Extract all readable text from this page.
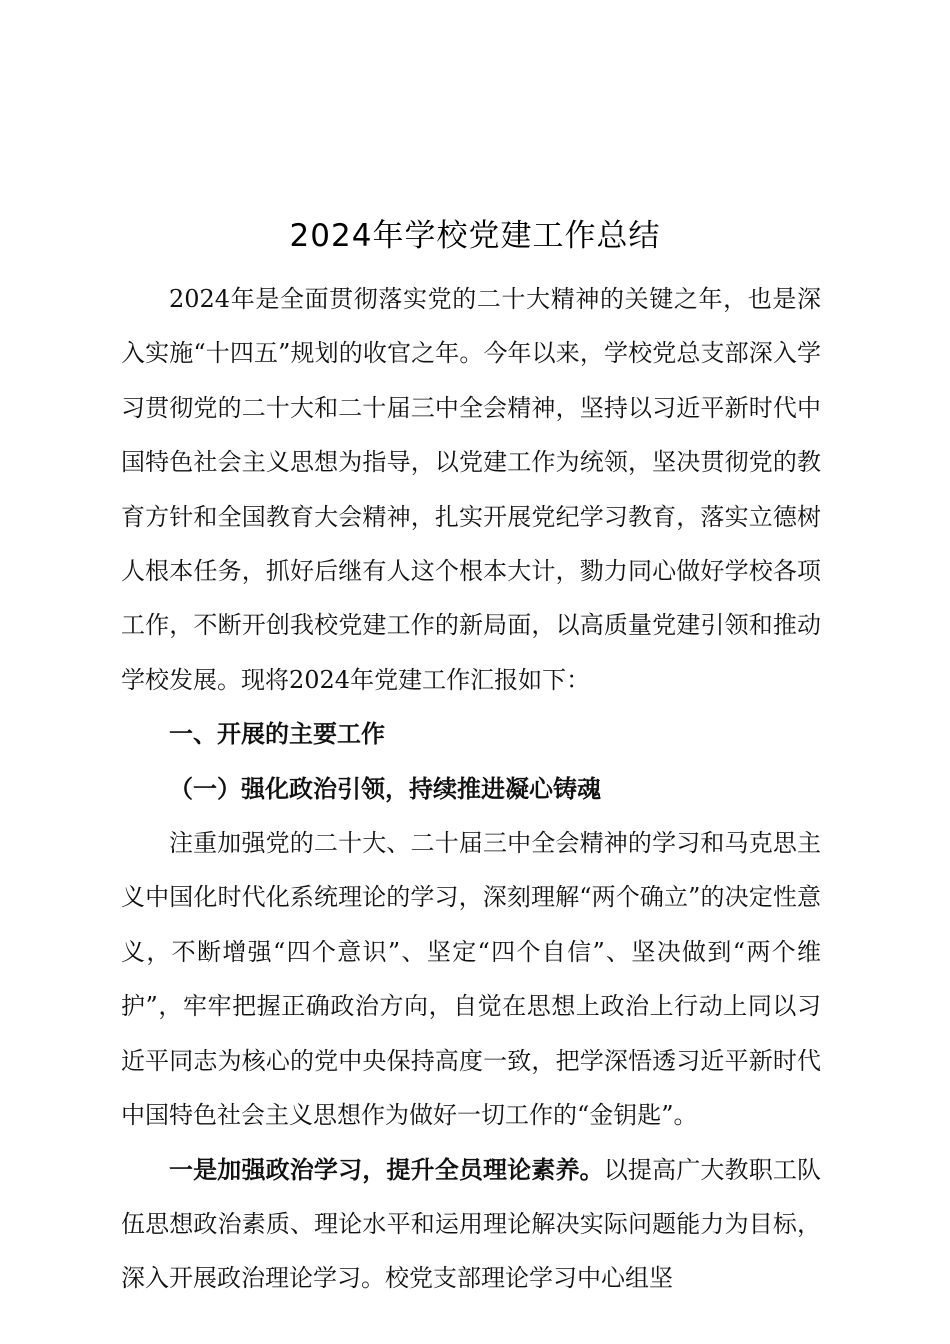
2024年学校党建工作总结

2024年是全面贯彻落实党的二十大精神的关键之年，也是深入实施“十四五”规划的收官之年。今年以来，学校党总支部深入学习贯彻党的二十大和二十届三中全会精神，坚持以习近平新时代中国特色社会主义思想为指导，以党建工作为统领，坚决贯彻党的教育方针和全国教育大会精神，扎实开展党纪学习教育，落实立德树人根本任务，抓好后继有人这个根本大计，勠力同心做好学校各项工作，不断开创我校党建工作的新局面，以高质量党建引领和推动学校发展。现将2024年党建工作汇报如下：

一、开展的主要工作

（一）强化政治引领，持续推进凝心铸魂

注重加强党的二十大、二十届三中全会精神的学习和马克思主义中国化时代化系统理论的学习，深刻理解“两个确立”的决定性意义，不断增强“四个意识”、坚定“四个自信”、坚决做到“两个维护”，牢牢把握正确政治方向，自觉在思想上政治上行动上同以习近平同志为核心的党中央保持高度一致，把学深悟透习近平新时代中国特色社会主义思想作为做好一切工作的“金钥匙”。

一是加强政治学习，提升全员理论素养。以提高广大教职工队伍思想政治素质、理论水平和运用理论解决实际问题能力为目标，深入开展政治理论学习。校党支部理论学习中心组坚
